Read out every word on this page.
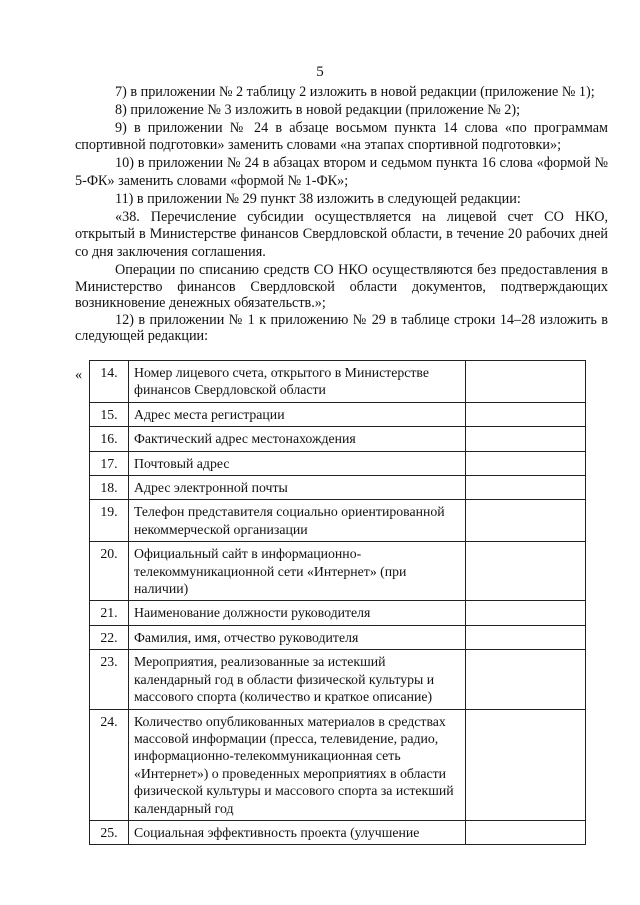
5

7) в приложении № 2 таблицу 2 изложить в новой редакции (приложение № 1);

8) приложение № 3 изложить в новой редакции (приложение № 2);

9) в приложении № 24 в абзаце восьмом пункта 14 слова «по программам спортивной подготовки» заменить словами «на этапах спортивной подготовки»;

10) в приложении № 24 в абзацах втором и седьмом пункта 16 слова «формой № 5-ФК» заменить словами «формой № 1-ФК»;

11) в приложении № 29 пункт 38 изложить в следующей редакции:

«38. Перечисление субсидии осуществляется на лицевой счет СО НКО, открытый в Министерстве финансов Свердловской области, в течение 20 рабочих дней со дня заключения соглашения.

Операции по списанию средств СО НКО осуществляются без предоставления в Министерство финансов Свердловской области документов, подтверждающих возникновение денежных обязательств.»;

12) в приложении № 1 к приложению № 29 в таблице строки 14–28 изложить в следующей редакции:

« 14.	Номер лицевого счета, открытого в Министерстве финансов Свердловской области	
15.	Адрес места регистрации	
16.	Фактический адрес местонахождения	
17.	Почтовый адрес	
18.	Адрес электронной почты	
19.	Телефон представителя социально ориентированной некоммерческой организации	
20.	Официальный сайт в информационно-телекоммуникационной сети «Интернет» (при наличии)	
21.	Наименование должности руководителя	
22.	Фамилия, имя, отчество руководителя	
23.	Мероприятия, реализованные за истекший календарный год в области физической культуры и массового спорта (количество и краткое описание)	
24.	Количество опубликованных материалов в средствах массовой информации (пресса, телевидение, радио, информационно-телекоммуникационная сеть «Интернет») о проведенных мероприятиях в области физической культуры и массового спорта за истекший календарный год	
25.	Социальная эффективность проекта (улучшение	
